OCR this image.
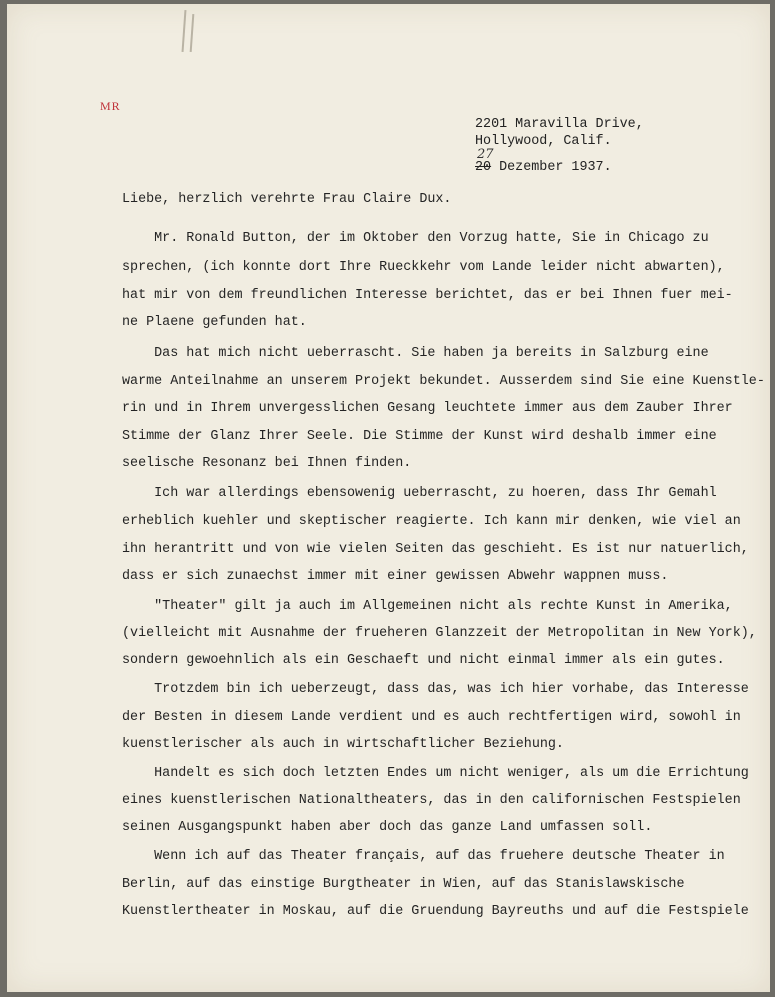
MR
2201 Maravilla Drive,
Hollywood, Calif.
27
20 Dezember 1937.
Liebe, herzlich verehrte Frau Claire Dux.
Mr. Ronald Button, der im Oktober den Vorzug hatte, Sie in Chicago zu
sprechen, (ich konnte dort Ihre Rueckkehr vom Lande leider nicht abwarten),
hat mir von dem freundlichen Interesse berichtet, das er bei Ihnen fuer mei-
ne Plaene gefunden hat.
Das hat mich nicht ueberrascht. Sie haben ja bereits in Salzburg eine
warme Anteilnahme an unserem Projekt bekundet. Ausserdem sind Sie eine Kuenstle-
rin und in Ihrem unvergesslichen Gesang leuchtete immer aus dem Zauber Ihrer
Stimme der Glanz Ihrer Seele. Die Stimme der Kunst wird deshalb immer eine
seelische Resonanz bei Ihnen finden.
Ich war allerdings ebensowenig ueberrascht, zu hoeren, dass Ihr Gemahl
erheblich kuehler und skeptischer reagierte. Ich kann mir denken, wie viel an
ihn herantritt und von wie vielen Seiten das geschieht. Es ist nur natuerlich,
dass er sich zunaechst immer mit einer gewissen Abwehr wappnen muss.
"Theater" gilt ja auch im Allgemeinen nicht als rechte Kunst in Amerika,
(vielleicht mit Ausnahme der frueheren Glanzzeit der Metropolitan in New York),
sondern gewoehnlich als ein Geschaeft und nicht einmal immer als ein gutes.
Trotzdem bin ich ueberzeugt, dass das, was ich hier vorhabe, das Interesse
der Besten in diesem Lande verdient und es auch rechtfertigen wird, sowohl in
kuenstlerischer als auch in wirtschaftlicher Beziehung.
Handelt es sich doch letzten Endes um nicht weniger, als um die Errichtung
eines kuenstlerischen Nationaltheaters, das in den californischen Festspielen
seinen Ausgangspunkt haben aber doch das ganze Land umfassen soll.
Wenn ich auf das Theater français, auf das fruehere deutsche Theater in
Berlin, auf das einstige Burgtheater in Wien, auf das Stanislawskische
Kuenstlertheater in Moskau, auf die Gruendung Bayreuths und auf die Festspiele
